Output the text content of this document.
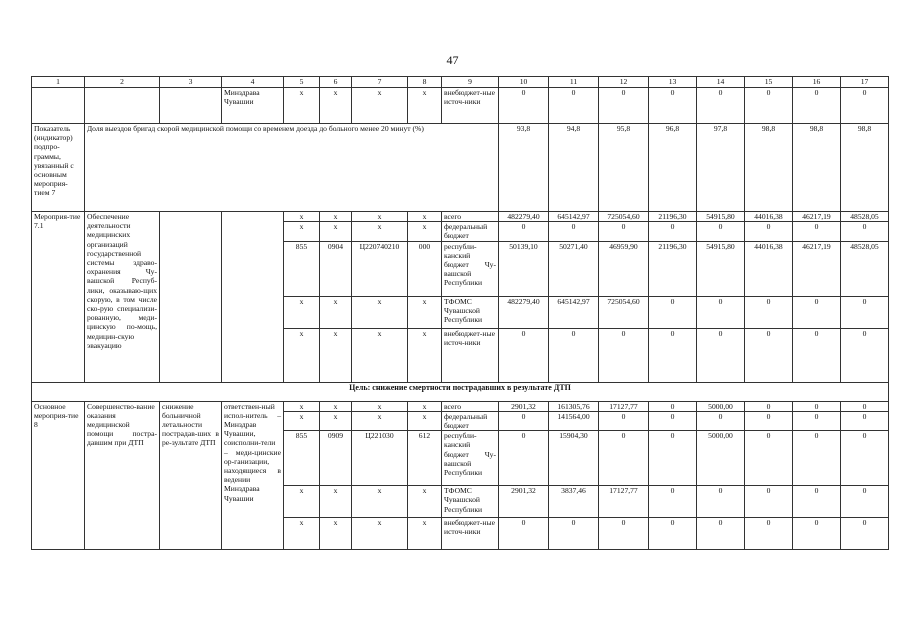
47
1	2	3	4	5	6	7	8	9	10	11	12	13	14	15	16	17
			Минздрава Чувашии	х	х	х	х	внебюджет-ные источ-ники	0	0	0	0	0	0	0	0
Показатель (индикатор) подпро-граммы, увязанный с основным мероприя-тием 7	Доля выездов бригад скорой медицинской помощи со временем доезда до больного менее 20 минут (%)								93,8	94,8	95,8	96,8	97,8	98,8	98,8	98,8
Мероприя-тие 7.1	Обеспечение деятельности медицинских организаций государственной системы здраво-охранения Чу-вашской Респуб-лики, оказываю-щих скорую, в том числе ско-рую специализи-рованную, меди-цинскую по-мощь, медицин-скую эвакуацию			х	х	х	х	всего	482279,40	645142,97	725054,60	21196,30	54915,80	44016,38	46217,19	48528,05
				х	х	х	х	федеральный бюджет	0	0	0	0	0	0	0	0
				855	0904	Ц220740210	000	республи-канский бюджет Чу-вашской Республики	50139,10	50271,40	46959,90	21196,30	54915,80	44016,38	46217,19	48528,05
				х	х	х	х	ТФОМС Чувашской Республики	482279,40	645142,97	725054,60	0	0	0	0	0
				х	х	х	х	внебюджет-ные источ-ники	0	0	0	0	0	0	0	0
Цель: снижение смертности пострадавших в результате ДТП																
Основное мероприя-тие 8	Совершенство-вание оказания медицинской помощи постра-давшим при ДТП	снижение больничной летальности пострадав-ших в ре-зультате ДТП	ответствен-ный испол-нитель – Минздрав Чувашии, соисполни-тели – меди-цинские ор-ганизации, находящиеся в ведении Минздрава Чувашии	х	х	х	х	всего	2901,32	161305,76	17127,77	0	5000,00	0	0	0
				х	х	х	х	федеральный бюджет	0	141564,00	0	0	0	0	0	0
				855	0909	Ц221030	612	республи-канский бюджет Чу-вашской Республики	0	15904,30	0	0	5000,00	0	0	0
				х	х	х	х	ТФОМС Чувашской Республики	2901,32	3837,46	17127,77	0	0	0	0	0
				х	х	х	х	внебюджет-ные источ-ники	0	0	0	0	0	0	0	0
